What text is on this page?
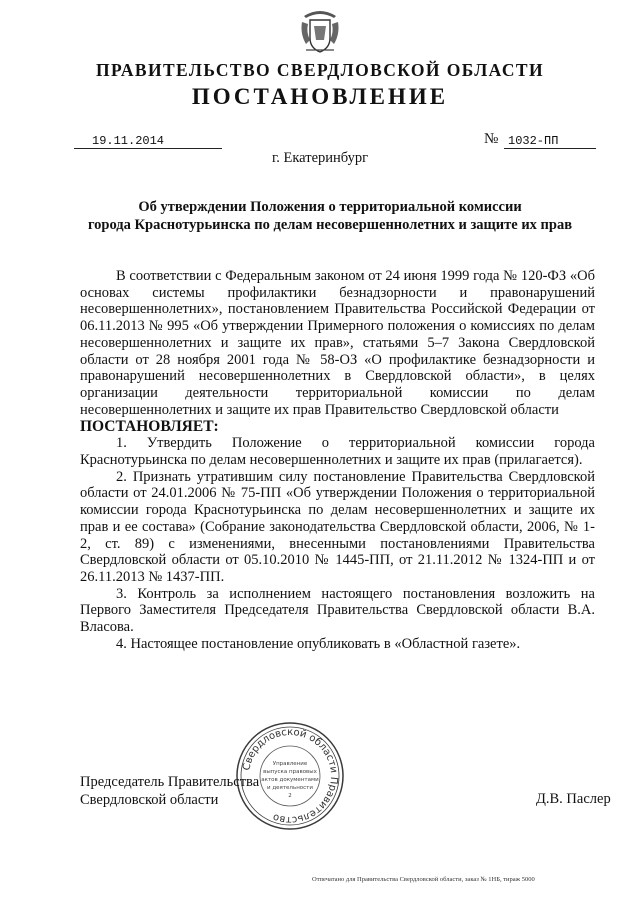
ПРАВИТЕЛЬСТВО СВЕРДЛОВСКОЙ ОБЛАСТИ
ПОСТАНОВЛЕНИЕ
19.11.2014	№ 1032-ПП
г. Екатеринбург
Об утверждении Положения о территориальной комиссии
города Краснотурьинска по делам несовершеннолетних и защите их прав

В соответствии с Федеральным законом от 24 июня 1999 года № 120-ФЗ «Об основах системы профилактики безнадзорности и правонарушений несовершеннолетних», постановлением Правительства Российской Федерации от 06.11.2013 № 995 «Об утверждении Примерного положения о комиссиях по делам несовершеннолетних и защите их прав», статьями 5–7 Закона Свердловской области от 28 ноября 2001 года № 58-ОЗ «О профилактике безнадзорности и правонарушений несовершеннолетних в Свердловской области», в целях организации деятельности территориальной комиссии по делам несовершеннолетних и защите их прав Правительство Свердловской области

ПОСТАНОВЛЯЕТ:

1. Утвердить Положение о территориальной комиссии города Краснотурьинска по делам несовершеннолетних и защите их прав (прилагается).

2. Признать утратившим силу постановление Правительства Свердловской области от 24.01.2006 № 75-ПП «Об утверждении Положения о территориальной комиссии города Краснотурьинска по делам несовершеннолетних и защите их прав и ее состава» (Собрание законодательства Свердловской области, 2006, № 1-2, ст. 89) с изменениями, внесенными постановлениями Правительства Свердловской области от 05.10.2010 № 1445-ПП, от 21.11.2012 № 1324-ПП и от 26.11.2013 № 1437-ПП.

3. Контроль за исполнением настоящего постановления возложить на Первого Заместителя Председателя Правительства Свердловской области В.А. Власова.

4. Настоящее постановление опубликовать в «Областной газете».

Свердловской области Правительство
Управление
выпуска правовых
актов документами
и деятельности
2
Председатель Правительства
Свердловской области	Д.В. Паслер
Отпечатано для Правительства Свердловской области, заказ № 1НБ, тираж 5000
